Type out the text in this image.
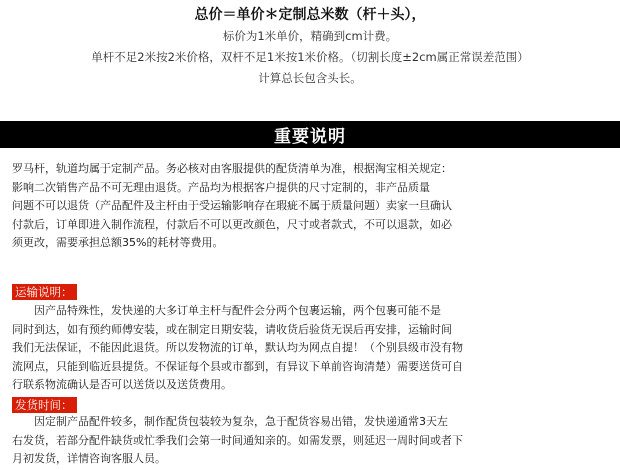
总价＝单价＊定制总米数（杆＋头），
标价为1米单价，精确到cm计费。
单杆不足2米按2米价格，双杆不足1米按1米价格。（切割长度±2cm属正常误差范围）
计算总长包含头长。
重要说明
罗马杆，轨道均属于定制产品。务必核对由客服提供的配货清单为准，根据淘宝相关规定：
影响二次销售产品不可无理由退货。产品均为根据客户提供的尺寸定制的，非产品质量
问题不可以退货（产品配件及主杆由于受运输影响存在瑕疵不属于质量问题）卖家一旦确认
付款后，订单即进入制作流程，付款后不可以更改颜色，尺寸或者款式，不可以退款，如必
须更改，需要承担总额35%的耗材等费用。
运输说明：
　　因产品特殊性，发快递的大多订单主杆与配件会分两个包裹运输，两个包裹可能不是
同时到达，如有预约师傅安装，或在制定日期安装，请收货后验货无误后再安排，运输时间
我们无法保证，不能因此退货。所以发物流的订单，默认均为网点自提！（个别县级市没有物
流网点，只能到临近县提货。不保证每个县或市都到，有异议下单前咨询清楚）需要送货可自
行联系物流确认是否可以送货以及送货费用。
发货时间：
　　因定制产品配件较多，制作配货包装较为复杂，急于配货容易出错，发快递通常3天左
右发货，若部分配件缺货或忙季我们会第一时间通知亲的。如需发票，则延迟一周时间或者下
月初发货，详情咨询客服人员。
